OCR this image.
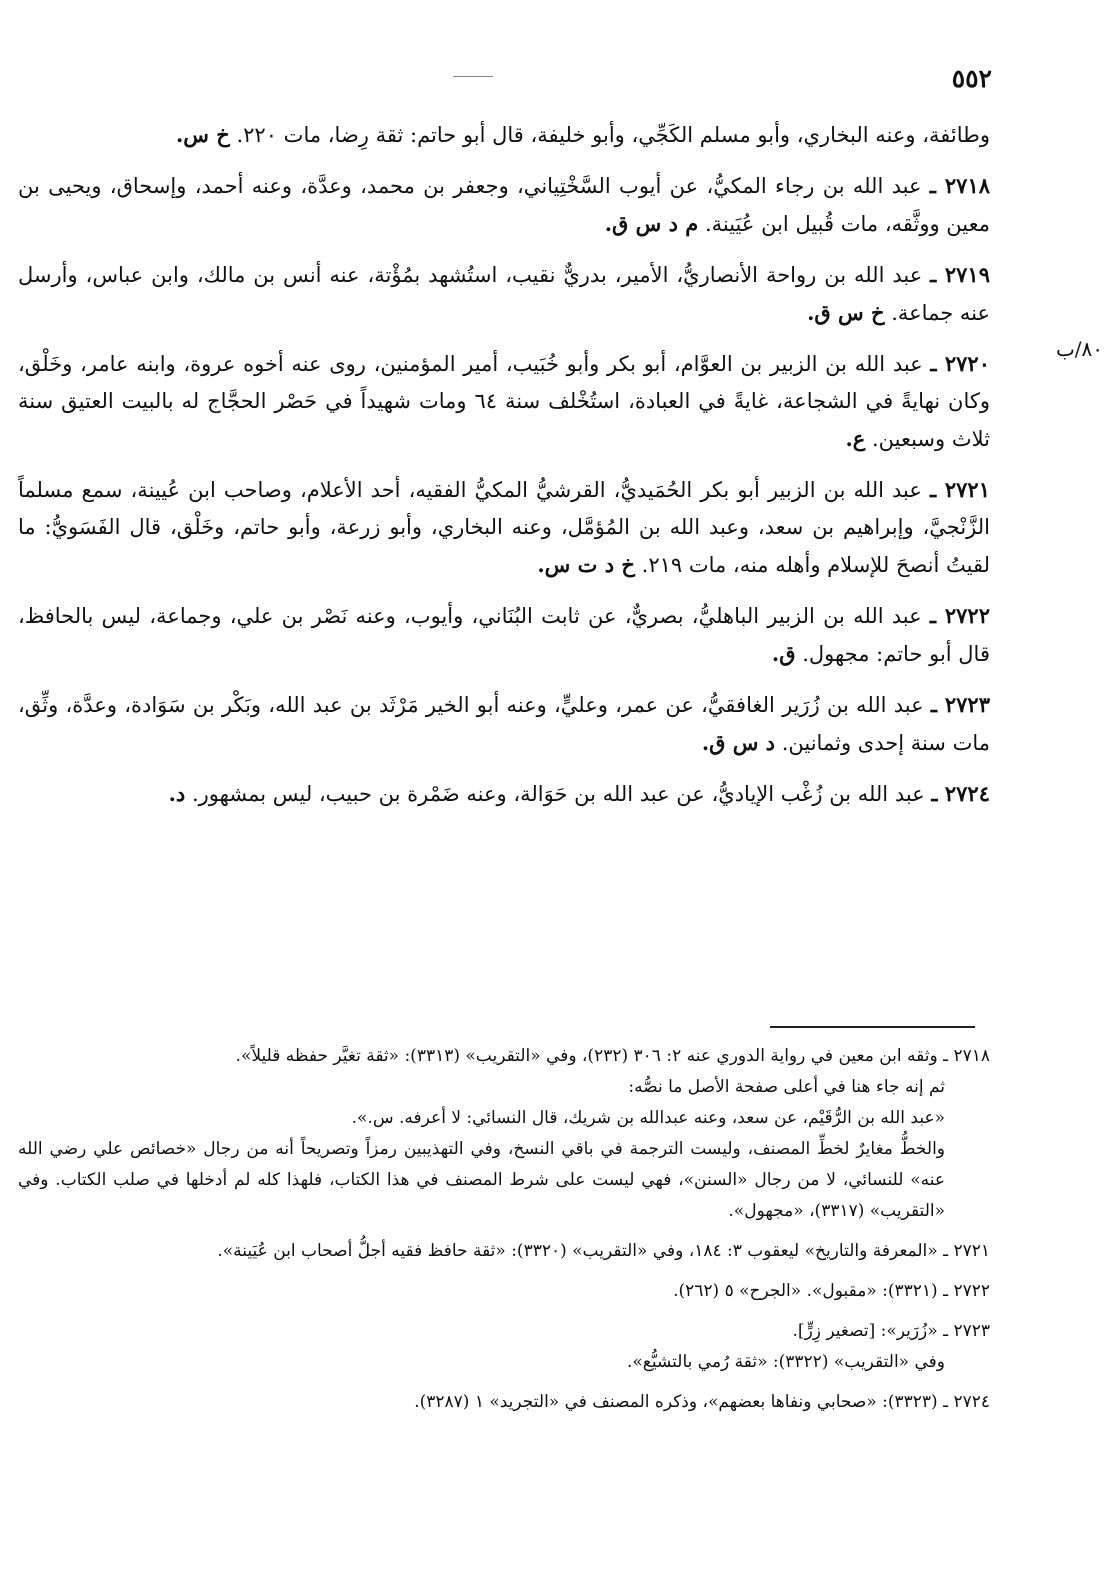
٥٥٢
٨٠/ب

وطائفة، وعنه البخاري، وأبو مسلم الكَجِّي، وأبو خليفة، قال أبو حاتم: ثقة رِضا، مات ٢٢٠. خ س.

٢٧١٨ ـ عبد الله بن رجاء المكيُّ، عن أيوب السَّخْتِياني، وجعفر بن محمد، وعدَّة، وعنه أحمد، وإسحاق، ويحيى بن معين ووثَّقه، مات قُبيل ابن عُيَينة. م د س ق.

٢٧١٩ ـ عبد الله بن رواحة الأنصاريُّ، الأمير، بدريٌّ نقيب، استُشهد بمُؤْتة، عنه أنس بن مالك، وابن عباس، وأرسل عنه جماعة. خ س ق.

٢٧٢٠ ـ عبد الله بن الزبير بن العوَّام، أبو بكر وأبو خُبَيب، أمير المؤمنين، روى عنه أخوه عروة، وابنه عامر، وخَلْق، وكان نهايةً في الشجاعة، غايةً في العبادة، استُخْلف سنة ٦٤ ومات شهيداً في حَصْر الحجَّاج له بالبيت العتيق سنة ثلاث وسبعين. ع.

٢٧٢١ ـ عبد الله بن الزبير أبو بكر الحُمَيديُّ، القرشيُّ المكيُّ الفقيه، أحد الأعلام، وصاحب ابن عُيينة، سمع مسلماً الزَّنْجيَّ، وإبراهيم بن سعد، وعبد الله بن المُؤمَّل، وعنه البخاري، وأبو زرعة، وأبو حاتم، وخَلْق، قال الفَسَويُّ: ما لقيتُ أنصحَ للإسلام وأهله منه، مات ٢١٩. خ د ت س.

٢٧٢٢ ـ عبد الله بن الزبير الباهليُّ، بصريٌّ، عن ثابت البُنَاني، وأيوب، وعنه نَصْر بن علي، وجماعة، ليس بالحافظ، قال أبو حاتم: مجهول. ق.

٢٧٢٣ ـ عبد الله بن زُرَير الغافقيُّ، عن عمر، وعليٍّ، وعنه أبو الخير مَرْثَد بن عبد الله، وبَكْر بن سَوَادة، وعدَّة، وثِّق، مات سنة إحدى وثمانين. د س ق.

٢٧٢٤ ـ عبد الله بن زُغْب الإياديُّ، عن عبد الله بن حَوَالة، وعنه ضَمْرة بن حبيب، ليس بمشهور. د.

٢٧١٨ ـ وثقه ابن معين في رواية الدوري عنه ٢: ٣٠٦ (٢٣٢)، وفي «التقريب» (٣٣١٣): «ثقة تغيَّر حفظه قليلاً».

ثم إنه جاء هنا في أعلى صفحة الأصل ما نصُّه:

«عبد الله بن الرُّقَيْم، عن سعد، وعنه عبدالله بن شريك، قال النسائي: لا أعرفه. س.».

والخطُّ مغايرٌ لخطِّ المصنف، وليست الترجمة في باقي النسخ، وفي التهذيبين رمزاً وتصريحاً أنه من رجال «خصائص علي رضي الله عنه» للنسائي، لا من رجال «السنن»، فهي ليست على شرط المصنف في هذا الكتاب، فلهذا كله لم أدخلها في صلب الكتاب. وفي «التقريب» (٣٣١٧)، «مجهول».

٢٧٢١ ـ «المعرفة والتاريخ» ليعقوب ٣: ١٨٤، وفي «التقريب» (٣٣٢٠): «ثقة حافظ فقيه أجلُّ أصحاب ابن عُيَينة».

٢٧٢٢ ـ (٣٣٢١): «مقبول». «الجرح» ٥ (٢٦٢).

٢٧٢٣ ـ «زُرَير»: [تصغير زِرٍّ].

وفي «التقريب» (٣٣٢٢): «ثقة رُمي بالتشيُّع».

٢٧٢٤ ـ (٣٣٢٣): «صحابي ونفاها بعضهم»، وذكره المصنف في «التجريد» ١ (٣٢٨٧).
